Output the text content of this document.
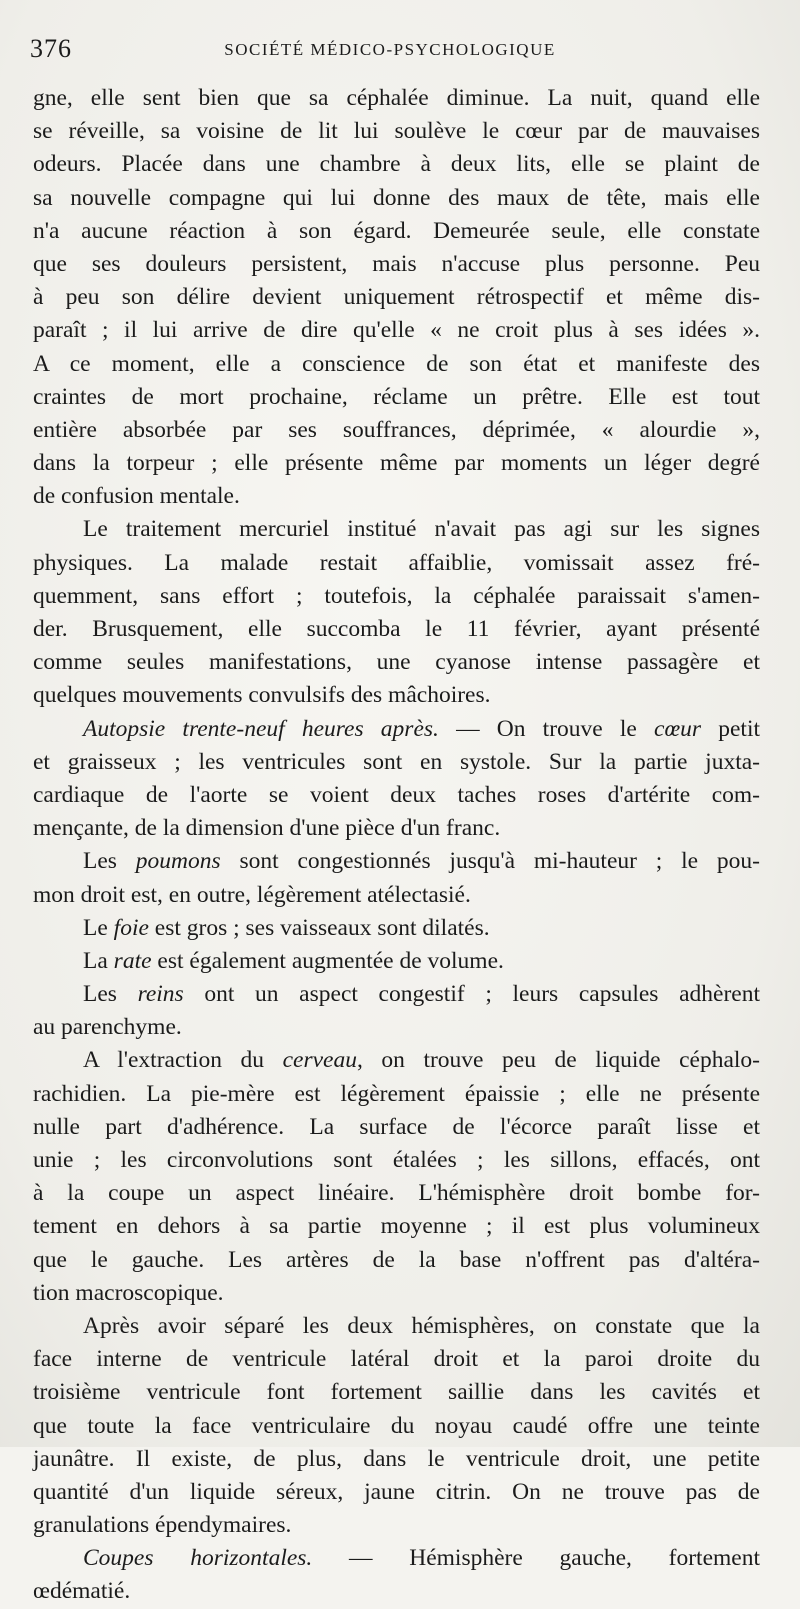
376	SOCIÉTÉ MÉDICO-PSYCHOLOGIQUE
gne, elle sent bien que sa céphalée diminue. La nuit, quand elle
se réveille, sa voisine de lit lui soulève le cœur par de mauvaises
odeurs. Placée dans une chambre à deux lits, elle se plaint de
sa nouvelle compagne qui lui donne des maux de tête, mais elle
n'a aucune réaction à son égard. Demeurée seule, elle constate
que ses douleurs persistent, mais n'accuse plus personne. Peu
à peu son délire devient uniquement rétrospectif et même dis-
paraît ; il lui arrive de dire qu'elle « ne croit plus à ses idées ».
A ce moment, elle a conscience de son état et manifeste des
craintes de mort prochaine, réclame un prêtre. Elle est tout
entière absorbée par ses souffrances, déprimée, « alourdie »,
dans la torpeur ; elle présente même par moments un léger degré
de confusion mentale.
Le traitement mercuriel institué n'avait pas agi sur les signes
physiques. La malade restait affaiblie, vomissait assez fré-
quemment, sans effort ; toutefois, la céphalée paraissait s'amen-
der. Brusquement, elle succomba le 11 février, ayant présenté
comme seules manifestations, une cyanose intense passagère et
quelques mouvements convulsifs des mâchoires.
Autopsie trente-neuf heures après. — On trouve le cœur petit
et graisseux ; les ventricules sont en systole. Sur la partie juxta-
cardiaque de l'aorte se voient deux taches roses d'artérite com-
mençante, de la dimension d'une pièce d'un franc.
Les poumons sont congestionnés jusqu'à mi-hauteur ; le pou-
mon droit est, en outre, légèrement atélectasié.
Le foie est gros ; ses vaisseaux sont dilatés.
La rate est également augmentée de volume.
Les reins ont un aspect congestif ; leurs capsules adhèrent
au parenchyme.
A l'extraction du cerveau, on trouve peu de liquide céphalo-
rachidien. La pie-mère est légèrement épaissie ; elle ne présente
nulle part d'adhérence. La surface de l'écorce paraît lisse et
unie ; les circonvolutions sont étalées ; les sillons, effacés, ont
à la coupe un aspect linéaire. L'hémisphère droit bombe for-
tement en dehors à sa partie moyenne ; il est plus volumineux
que le gauche. Les artères de la base n'offrent pas d'altéra-
tion macroscopique.
Après avoir séparé les deux hémisphères, on constate que la
face interne de ventricule latéral droit et la paroi droite du
troisième ventricule font fortement saillie dans les cavités et
que toute la face ventriculaire du noyau caudé offre une teinte
jaunâtre. Il existe, de plus, dans le ventricule droit, une petite
quantité d'un liquide séreux, jaune citrin. On ne trouve pas de
granulations épendymaires.
Coupes horizontales. — Hémisphère gauche, fortement
œdématié.
